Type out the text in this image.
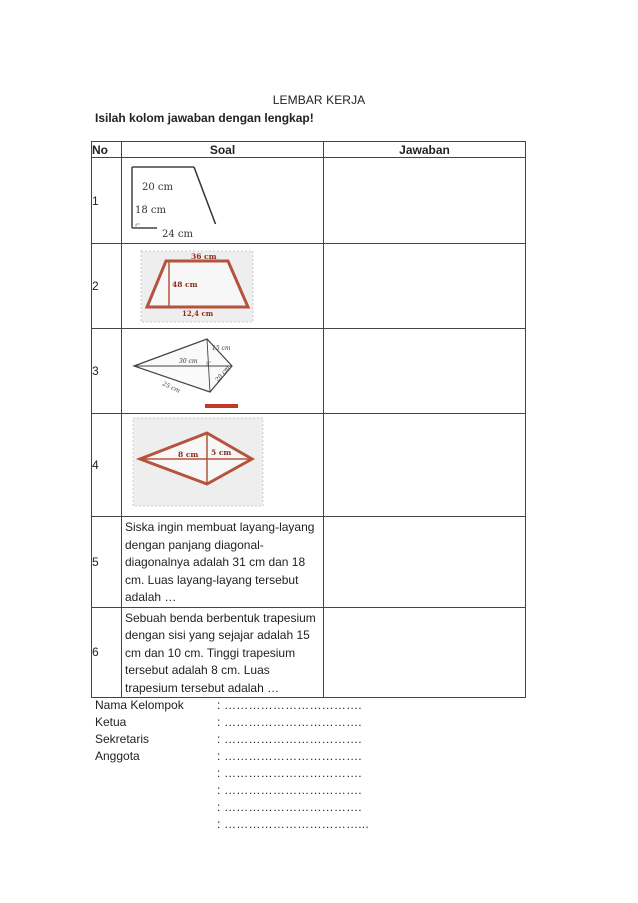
LEMBAR KERJA
Isilah kolom jawaban dengan lengkap!
No	Soal	Jawaban
1	20 cm
18 cm
24 cm	

2	36 cm
48 cm
12,4 cm	

3	15 cm
30 cm
25 cm
20 cm	

4	8 cm 5 cm	

5	Siska ingin membuat layang-layang dengan panjang diagonal-diagonalnya adalah 31 cm dan 18 cm. Luas layang-layang tersebut adalah …	

6	Sebuah benda berbentuk trapesium dengan sisi yang sejajar adalah 15 cm dan 10 cm. Tinggi trapesium tersebut adalah 8 cm. Luas trapesium tersebut adalah …	

Nama Kelompok	: …………………………….
Ketua	: …………………………….
Sekretaris	: …………………………….
Anggota	: …………………………….
: …………………………….
: …………………………….
: …………………………….
: ……………………………...
